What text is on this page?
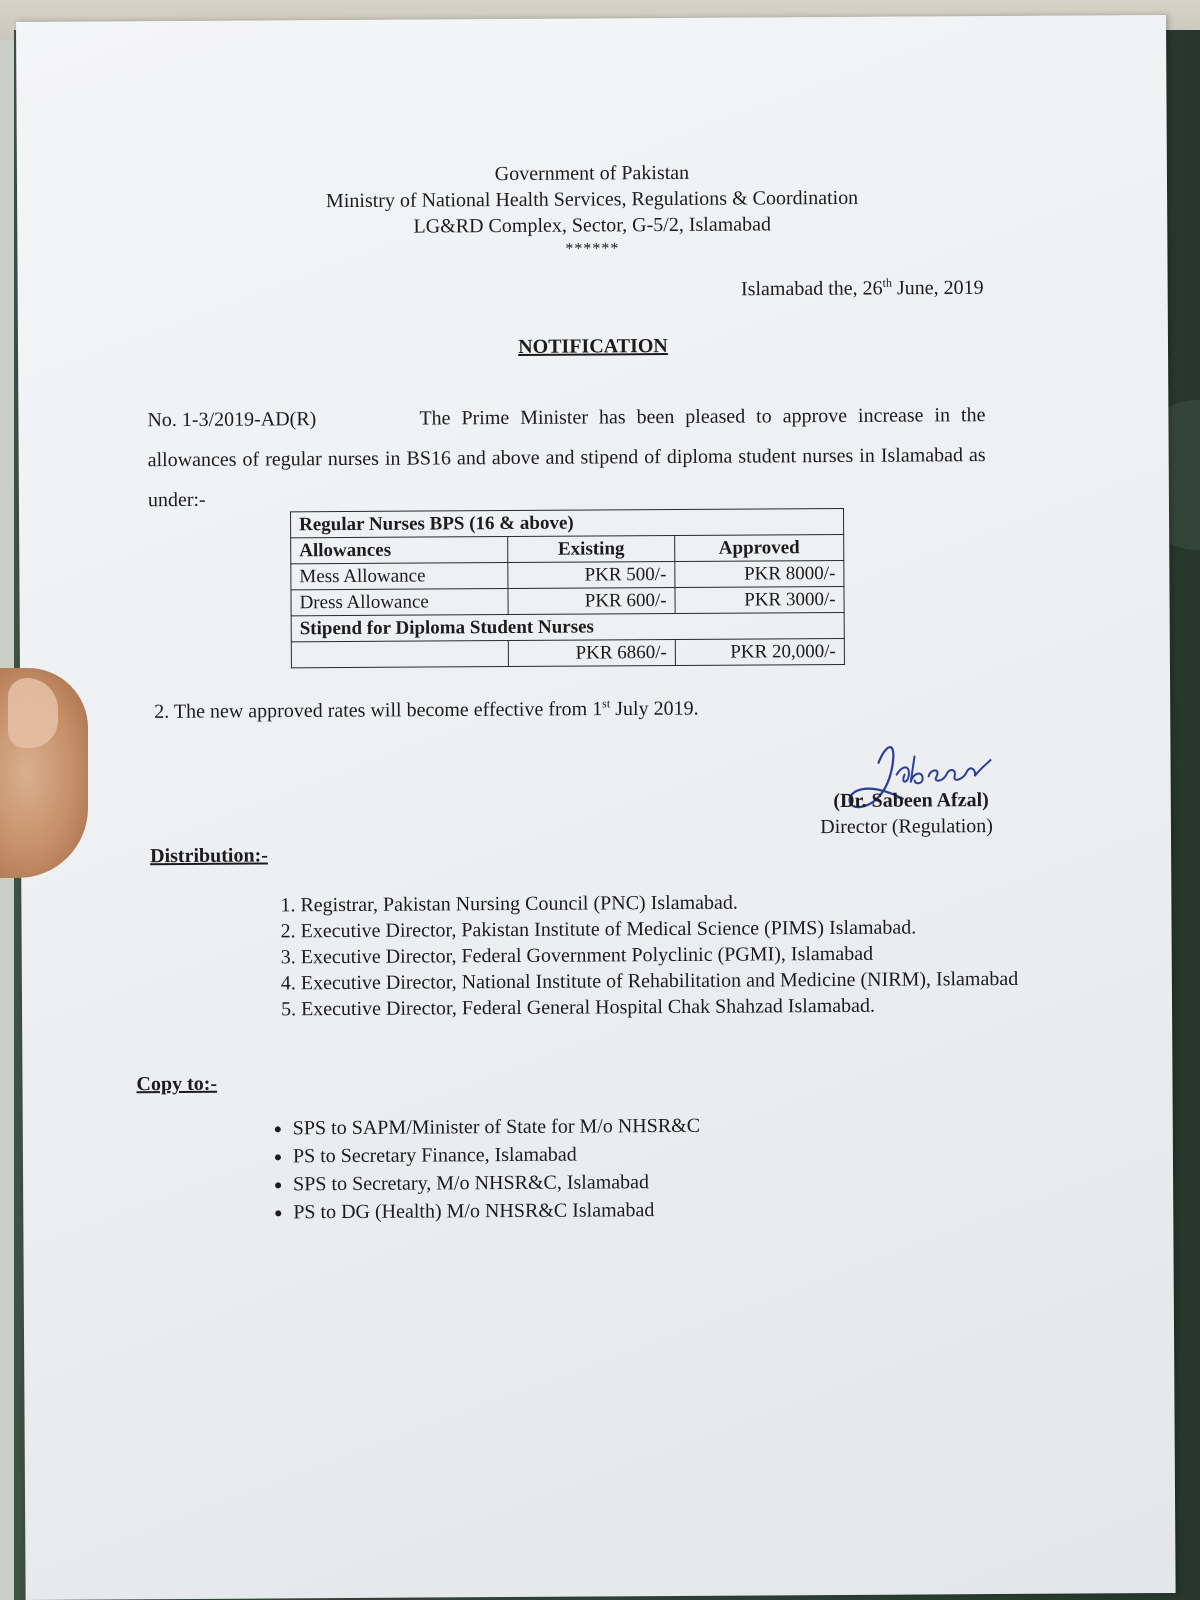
Government of Pakistan
Ministry of National Health Services, Regulations & Coordination
LG&RD Complex, Sector, G-5/2, Islamabad
******
Islamabad the, 26th June, 2019
NOTIFICATION
No. 1-3/2019-AD(R)	The Prime Minister has been pleased to approve increase in the allowances of regular nurses in BS16 and above and stipend of diploma student nurses in Islamabad as under:-
Regular Nurses BPS (16 & above)		
Allowances	Existing	Approved
Mess Allowance	PKR 500/-	PKR 8000/-
Dress Allowance	PKR 600/-	PKR 3000/-
Stipend for Diploma Student Nurses		
	PKR 6860/-	PKR 20,000/-
2. The new approved rates will become effective from 1st July 2019.
(Dr. Sabeen Afzal)
Director (Regulation)
Distribution:-
1. Registrar, Pakistan Nursing Council (PNC) Islamabad.
2. Executive Director, Pakistan Institute of Medical Science (PIMS) Islamabad.
3. Executive Director, Federal Government Polyclinic (PGMI), Islamabad
4. Executive Director, National Institute of Rehabilitation and Medicine (NIRM), Islamabad
5. Executive Director, Federal General Hospital Chak Shahzad Islamabad.
Copy to:-
• SPS to SAPM/Minister of State for M/o NHSR&C
• PS to Secretary Finance, Islamabad
• SPS to Secretary, M/o NHSR&C, Islamabad
• PS to DG (Health) M/o NHSR&C Islamabad
